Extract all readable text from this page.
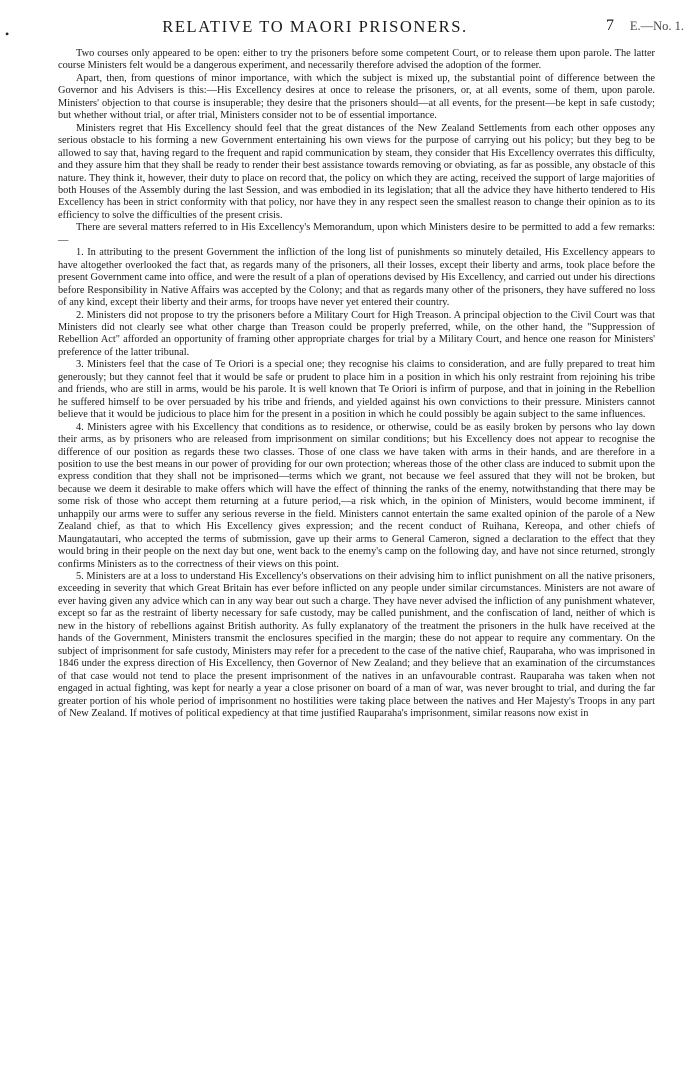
RELATIVE TO MAORI PRISONERS.	7 E.—No. 1.
•

Two courses only appeared to be open: either to try the prisoners before some competent Court, or to release them upon parole. The latter course Ministers felt would be a dangerous experiment, and necessarily therefore advised the adoption of the former.

Apart, then, from questions of minor importance, with which the subject is mixed up, the substantial point of difference between the Governor and his Advisers is this:—His Excellency desires at once to release the prisoners, or, at all events, some of them, upon parole. Ministers' objection to that course is insuperable; they desire that the prisoners should—at all events, for the present—be kept in safe custody; but whether without trial, or after trial, Ministers consider not to be of essential importance.

Ministers regret that His Excellency should feel that the great distances of the New Zealand Settlements from each other opposes any serious obstacle to his forming a new Government entertaining his own views for the purpose of carrying out his policy; but they beg to be allowed to say that, having regard to the frequent and rapid communication by steam, they consider that His Excellency overrates this difficulty, and they assure him that they shall be ready to render their best assistance towards removing or obviating, as far as possible, any obstacle of this nature. They think it, however, their duty to place on record that, the policy on which they are acting, received the support of large majorities of both Houses of the Assembly during the last Session, and was embodied in its legislation; that all the advice they have hitherto tendered to His Excellency has been in strict conformity with that policy, nor have they in any respect seen the smallest reason to change their opinion as to its efficiency to solve the difficulties of the present crisis.

There are several matters referred to in His Excellency's Memorandum, upon which Ministers desire to be permitted to add a few remarks:—

1. In attributing to the present Government the infliction of the long list of punishments so minutely detailed, His Excellency appears to have altogether overlooked the fact that, as regards many of the prisoners, all their losses, except their liberty and arms, took place before the present Government came into office, and were the result of a plan of operations devised by His Excellency, and carried out under his directions before Responsibility in Native Affairs was accepted by the Colony; and that as regards many other of the prisoners, they have suffered no loss of any kind, except their liberty and their arms, for troops have never yet entered their country.

2. Ministers did not propose to try the prisoners before a Military Court for High Treason. A principal objection to the Civil Court was that Ministers did not clearly see what other charge than Treason could be properly preferred, while, on the other hand, the "Suppression of Rebellion Act" afforded an opportunity of framing other appropriate charges for trial by a Military Court, and hence one reason for Ministers' preference of the latter tribunal.

3. Ministers feel that the case of Te Oriori is a special one; they recognise his claims to consideration, and are fully prepared to treat him generously; but they cannot feel that it would be safe or prudent to place him in a position in which his only restraint from rejoining his tribe and friends, who are still in arms, would be his parole. It is well known that Te Oriori is infirm of purpose, and that in joining in the Rebellion he suffered himself to be over persuaded by his tribe and friends, and yielded against his own convictions to their pressure. Ministers cannot believe that it would be judicious to place him for the present in a position in which he could possibly be again subject to the same influences.

4. Ministers agree with his Excellency that conditions as to residence, or otherwise, could be as easily broken by persons who lay down their arms, as by prisoners who are released from imprisonment on similar conditions; but his Excellency does not appear to recognise the difference of our position as regards these two classes. Those of one class we have taken with arms in their hands, and are therefore in a position to use the best means in our power of providing for our own protection; whereas those of the other class are induced to submit upon the express condition that they shall not be imprisoned—terms which we grant, not because we feel assured that they will not be broken, but because we deem it desirable to make offers which will have the effect of thinning the ranks of the enemy, notwithstanding that there may be some risk of those who accept them returning at a future period,—a risk which, in the opinion of Ministers, would become imminent, if unhappily our arms were to suffer any serious reverse in the field. Ministers cannot entertain the same exalted opinion of the parole of a New Zealand chief, as that to which His Excellency gives expression; and the recent conduct of Ruihana, Kereopa, and other chiefs of Maungatautari, who accepted the terms of submission, gave up their arms to General Cameron, signed a declaration to the effect that they would bring in their people on the next day but one, went back to the enemy's camp on the following day, and have not since returned, strongly confirms Ministers as to the correctness of their views on this point.

5. Ministers are at a loss to understand His Excellency's observations on their advising him to inflict punishment on all the native prisoners, exceeding in severity that which Great Britain has ever before inflicted on any people under similar circumstances. Ministers are not aware of ever having given any advice which can in any way bear out such a charge. They have never advised the infliction of any punishment whatever, except so far as the restraint of liberty necessary for safe custody, may be called punishment, and the confiscation of land, neither of which is new in the history of rebellions against British authority. As fully explanatory of the treatment the prisoners in the hulk have received at the hands of the Government, Ministers transmit the enclosures specified in the margin; these do not appear to require any commentary. On the subject of imprisonment for safe custody, Ministers may refer for a precedent to the case of the native chief, Rauparaha, who was imprisoned in 1846 under the express direction of His Excellency, then Governor of New Zealand; and they believe that an examination of the circumstances of that case would not tend to place the present imprisonment of the natives in an unfavourable contrast. Rauparaha was taken when not engaged in actual fighting, was kept for nearly a year a close prisoner on board of a man of war, was never brought to trial, and during the far greater portion of his whole period of imprisonment no hostilities were taking place between the natives and Her Majesty's Troops in any part of New Zealand. If motives of political expediency at that time justified Rauparaha's imprisonment, similar reasons now exist in
